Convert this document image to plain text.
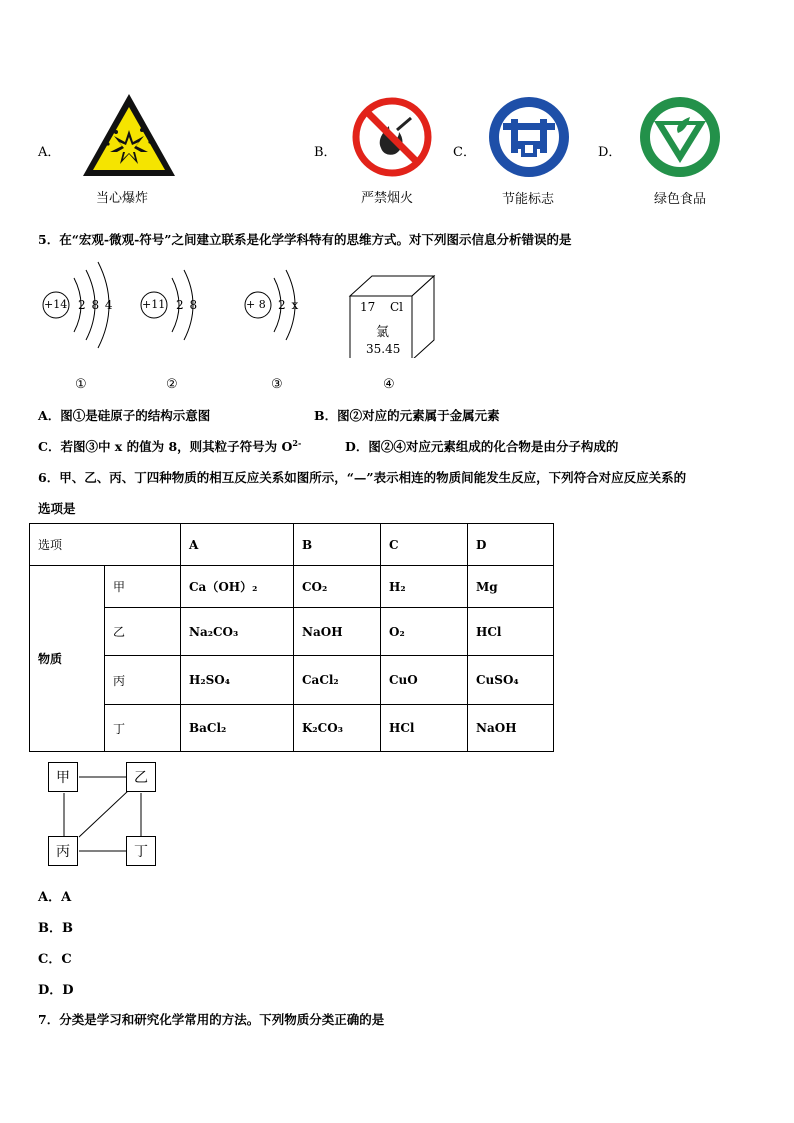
A．
当心爆炸
B．
严禁烟火
C．
节能标志
D．
绿色食品
5．在“宏观-微观-符号”之间建立联系是化学学科特有的思维方式。对下列图示信息分析错误的是
+14 2 8 4	+11 2 8	+ 8 2 x	17 Cl
氯
35.45
①	②	③	④
A．图①是硅原子的结构示意图	B．图②对应的元素属于金属元素
C．若图③中 x 的值为 8，则其粒子符号为 $O^{2-}$	D．图②④对应元素组成的化合物是由分子构成的
6．甲、乙、丙、丁四种物质的相互反应关系如图所示，“—”表示相连的物质间能发生反应，下列符合对应反应关系的
选项是
选项		A	B	C	D
物质	甲	Ca（OH）₂	CO₂	H₂	Mg
	乙	Na₂CO₃	NaOH	O₂	HCl
	丙	H₂SO₄	CaCl₂	CuO	CuSO₄
	丁	BaCl₂	K₂CO₃	HCl	NaOH
甲	乙
丙	丁
A．A
B．B
C．C
D．D
7．分类是学习和研究化学常用的方法。下列物质分类正确的是
